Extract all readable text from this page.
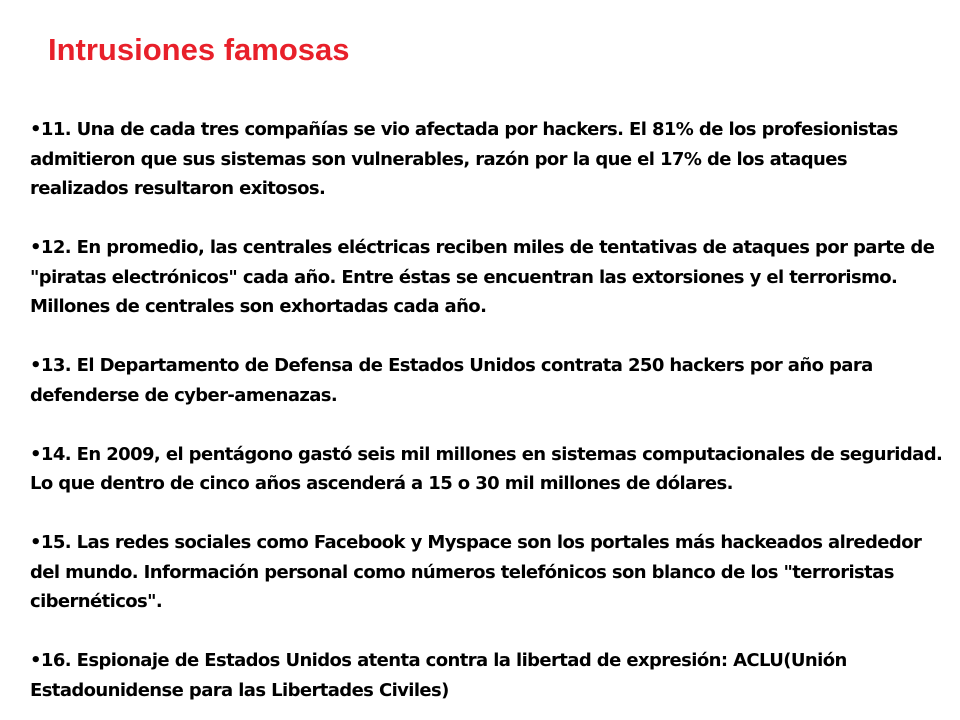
Intrusiones famosas
•11. Una de cada tres compañías se vio afectada por hackers. El 81% de los profesionistas admitieron que sus sistemas son vulnerables, razón por la que el 17% de los ataques realizados resultaron exitosos.
•12. En promedio, las centrales eléctricas reciben miles de tentativas de ataques por parte de "piratas electrónicos" cada año. Entre éstas se encuentran las extorsiones y el terrorismo. Millones de centrales son exhortadas cada año.
•13. El Departamento de Defensa de Estados Unidos contrata 250 hackers por año para defenderse de cyber-amenazas.
•14. En 2009, el pentágono gastó seis mil millones en sistemas computacionales de seguridad. Lo que dentro de cinco años ascenderá a 15 o 30 mil millones de dólares.
•15. Las redes sociales como Facebook y Myspace son los portales más hackeados alrededor del mundo. Información personal como números telefónicos son blanco de los "terroristas cibernéticos".
•16. Espionaje de Estados Unidos atenta contra la libertad de expresión: ACLU(Unión Estadounidense para las Libertades Civiles)
